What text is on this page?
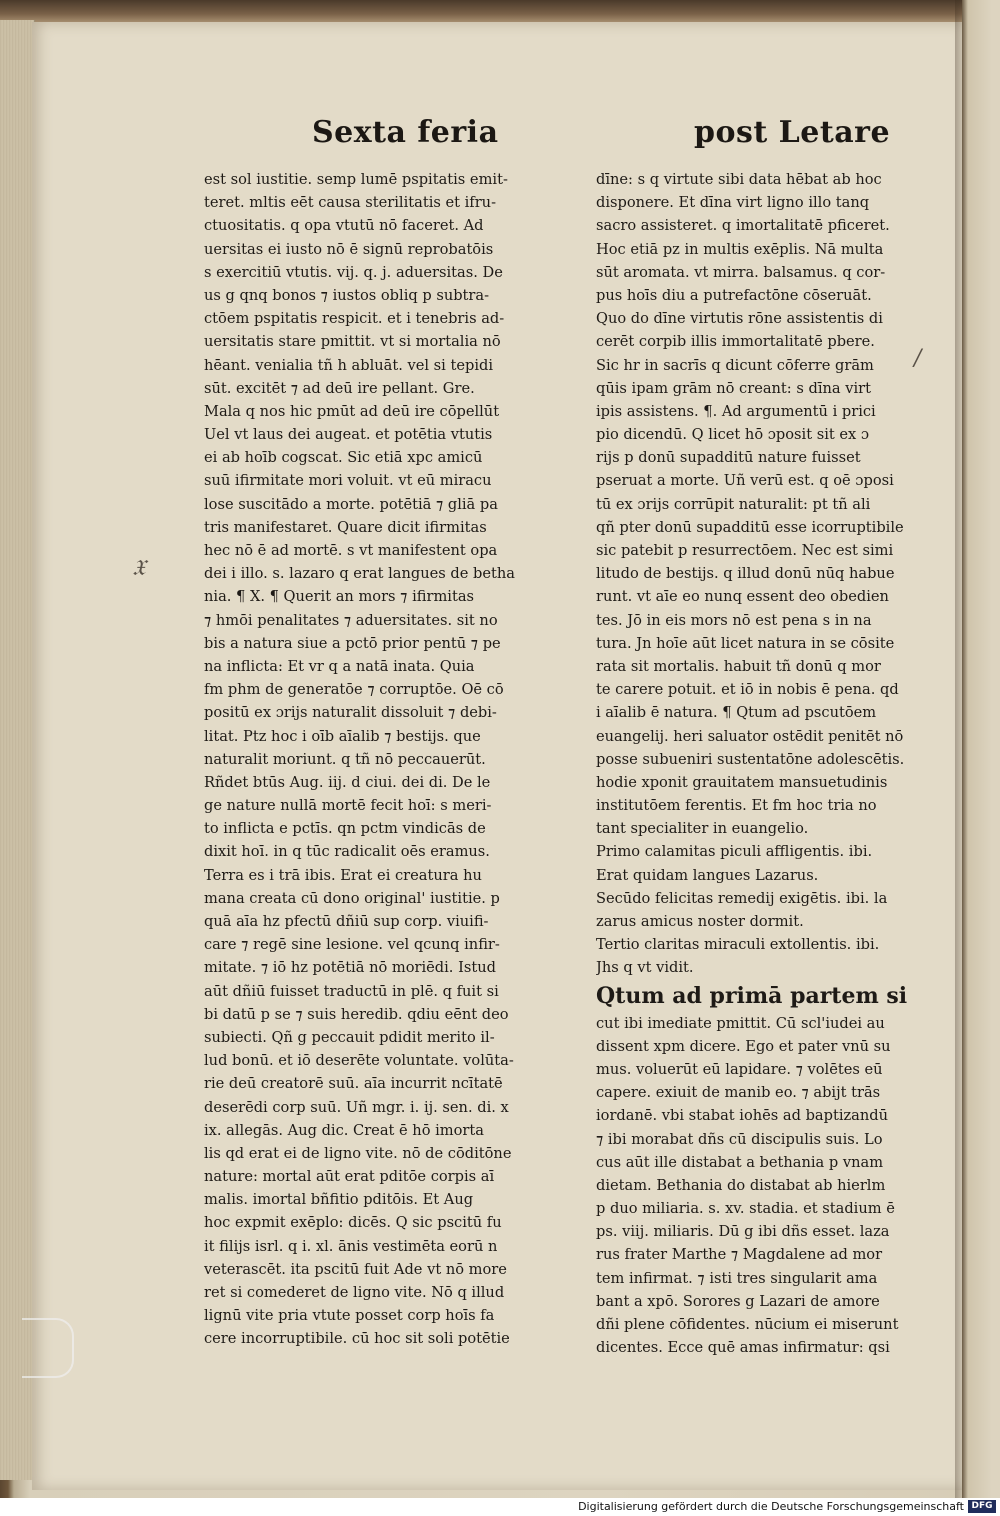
Sexta feria	post Letare
est sol iustitie. semp lumē pspitatis emit-
teret. mltis eēt causa sterilitatis et ifru-
ctuositatis. q opa vtutū nō faceret. Ad
uersitas ei iusto nō ē signū reprobatōis
s exercitiū vtutis. vij. q. j. aduersitas. De
us g qnq bonos ⁊ iustos obliq p subtra-
ctōem pspitatis respicit. et i tenebris ad-
uersitatis stare pmittit. vt si mortalia nō
hēant. venialia tñ h abluāt. vel si tepidi
sūt. excitēt ⁊ ad deū ire pellant. Gre.
Mala q nos hic pmūt ad deū ire cōpellūt
Uel vt laus dei augeat. et potētia vtutis
ei ab hoīb cogscat. Sic etiā xpc amicū
suū ifirmitate mori voluit. vt eū miracu
lose suscitādo a morte. potētiā ⁊ gliā pa
tris manifestaret. Quare dicit ifirmitas
hec nō ē ad mortē. s vt manifestent opa
dei i illo. s. lazaro q erat langues de betha
nia. ¶ X. ¶ Querit an mors ⁊ ifirmitas
⁊ hmōi penalitates ⁊ aduersitates. sit no
bis a natura siue a pctō prior pentū ⁊ pe
na inflicta: Et vr q a natā inata. Quia
fm phm de generatōe ⁊ corruptōe. Oē cō
positū ex ɔrijs naturalit dissoluit ⁊ debi-
litat. Ptz hoc i oīb aīalib ⁊ bestijs. que
naturalit moriunt. q tñ nō peccauerūt.
Rñdet btūs Aug. iij. d ciui. dei di. De le
ge nature nullā mortē fecit hoī: s meri-
to inflicta e pctīs. qn pctm vindicās de
dixit hoī. in q tūc radicalit oēs eramus.
Terra es i trā ibis. Erat ei creatura hu
mana creata cū dono original' iustitie. p
quā aīa hz pfectū dñiū sup corp. viuifi-
care ⁊ regē sine lesione. vel qcunq infir-
mitate. ⁊ iō hz potētiā nō moriēdi. Istud
aūt dñiū fuisset traductū in plē. q fuit si
bi datū p se ⁊ suis heredib. qdiu eēnt deo
subiecti. Qñ g peccauit pdidit merito il-
lud bonū. et iō deserēte voluntate. volūta-
rie deū creatorē suū. aīa incurrit ncītatē
deserēdi corp suū. Uñ mgr. i. ij. sen. di. x
ix. allegās. Aug dic. Creat ē hō imorta
lis qd erat ei de ligno vite. nō de cōditōne
nature: mortal aūt erat pditōe corpis aī
malis. imortal bñfitio pditōis. Et Aug
hoc expmit exēplo: dicēs. Q sic pscitū fu
it filijs isrl. q i. xl. ānis vestimēta eorū n
veterascēt. ita pscitū fuit Ade vt nō more
ret si comederet de ligno vite. Nō q illud
lignū vite pria vtute posset corp hoīs fa
cere incorruptibile. cū hoc sit soli potētie
dīne: s q virtute sibi data hēbat ab hoc
disponere. Et dīna virt ligno illo tanq
sacro assisteret. q imortalitatē pficeret.
Hoc etiā pz in multis exēplis. Nā multa
sūt aromata. vt mirra. balsamus. q cor-
pus hoīs diu a putrefactōne cōseruāt.
Quo do dīne virtutis rōne assistentis di
cerēt corpib illis immortalitatē pbere.
Sic hr in sacrīs q dicunt cōferre grām
qūis ipam grām nō creant: s dīna virt
ipis assistens. ¶. Ad argumentū i prici
pio dicendū. Q licet hō ɔposit sit ex ɔ
rijs p donū supadditū nature fuisset
pseruat a morte. Uñ verū est. q oē ɔposi
tū ex ɔrijs corrūpit naturalit: pt tñ ali
qñ pter donū supadditū esse icorruptibile
sic patebit p resurrectōem. Nec est simi
litudo de bestijs. q illud donū nūq habue
runt. vt aīe eo nunq essent deo obedien
tes. Jō in eis mors nō est pena s in na
tura. Jn hoīe aūt licet natura in se cōsite
rata sit mortalis. habuit tñ donū q mor
te carere potuit. et iō in nobis ē pena. qd
i aīalib ē natura. ¶ Qtum ad pscutōem
euangelij. heri saluator ostēdit penitēt nō
posse subueniri sustentatōne adolescētis.
hodie xponit grauitatem mansuetudinis
institutōem ferentis. Et fm hoc tria no
tant specialiter in euangelio.
Primo calamitas piculi affligentis. ibi.
Erat quidam langues Lazarus.
Secūdo felicitas remedij exigētis. ibi. la
zarus amicus noster dormit.
Tertio claritas miraculi extollentis. ibi.
Jhs q vt vidit.
Qtum ad primā partem si
cut ibi imediate pmittit. Cū scl'iudei au
dissent xpm dicere. Ego et pater vnū su
mus. voluerūt eū lapidare. ⁊ volētes eū
capere. exiuit de manib eo. ⁊ abijt trās
iordanē. vbi stabat iohēs ad baptizandū
⁊ ibi morabat dñs cū discipulis suis. Lo
cus aūt ille distabat a bethania p vnam
dietam. Bethania do distabat ab hierlm
p duo miliaria. s. xv. stadia. et stadium ē
ps. viij. miliaris. Dū g ibi dñs esset. laza
rus frater Marthe ⁊ Magdalene ad mor
tem infirmat. ⁊ isti tres singularit ama
bant a xpō. Sorores g Lazari de amore
dñi plene cōfidentes. nūcium ei miserunt
dicentes. Ecce quē amas infirmatur: qsi
𝔛
/
Digitalisierung gefördert durch die Deutsche Forschungsgemeinschaft DFG
